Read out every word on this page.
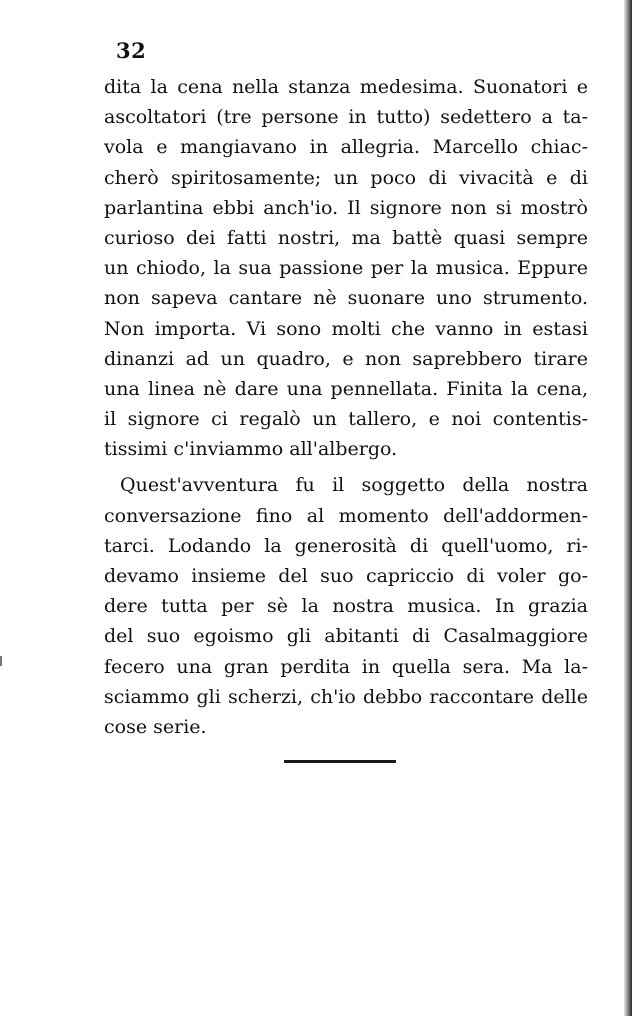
32
dita la cena nella stanza medesima. Suonatori e
ascoltatori (tre persone in tutto) sedettero a ta-
vola e mangiavano in allegria. Marcello chiac-
cherò spiritosamente; un poco di vivacità e di
parlantina ebbi anch'io. Il signore non si mostrò
curioso dei fatti nostri, ma battè quasi sempre
un chiodo, la sua passione per la musica. Eppure
non sapeva cantare nè suonare uno strumento.
Non importa. Vi sono molti che vanno in estasi
dinanzi ad un quadro, e non saprebbero tirare
una linea nè dare una pennellata. Finita la cena,
il signore ci regalò un tallero, e noi contentis-
tissimi c'inviammo all'albergo.
Quest'avventura fu il soggetto della nostra
conversazione fino al momento dell'addormen-
tarci. Lodando la generosità di quell'uomo, ri-
devamo insieme del suo capriccio di voler go-
dere tutta per sè la nostra musica. In grazia
del suo egoismo gli abitanti di Casalmaggiore
fecero una gran perdita in quella sera. Ma la-
sciammo gli scherzi, ch'io debbo raccontare delle
cose serie.
